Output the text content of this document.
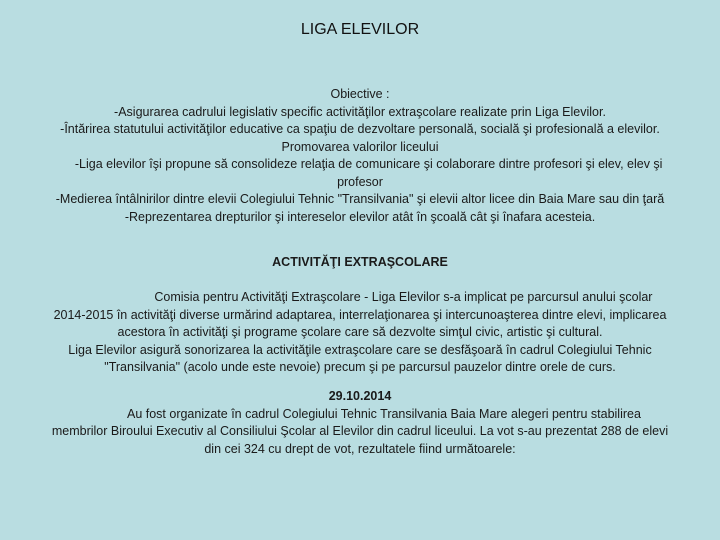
LIGA ELEVILOR
Obiective :
-Asigurarea cadrului legislativ specific activităţilor extraşcolare realizate prin Liga Elevilor.
-Întărirea statutului activităţilor educative ca spaţiu de dezvoltare personală, socială şi profesională a elevilor.
Promovarea valorilor liceului
-Liga elevilor îşi propune să consolideze relaţia de comunicare şi colaborare dintre profesori şi elev, elev şi
profesor
-Medierea întâlnirilor dintre elevii Colegiului Tehnic "Transilvania" şi elevii altor licee din Baia Mare sau din ţară
-Reprezentarea drepturilor şi intereselor elevilor atât în şcoală cât şi înafara acesteia.
ACTIVITĂŢI EXTRAŞCOLARE
Comisia pentru Activităţi Extraşcolare - Liga Elevilor s-a implicat pe parcursul anului şcolar
2014-2015 în activităţi diverse urmărind adaptarea, interrelaţionarea şi intercunoaşterea dintre elevi, implicarea
acestora în activităţi şi programe şcolare care să dezvolte simţul civic, artistic şi cultural.
Liga Elevilor asigură sonorizarea la activităţile extraşcolare care se desfăşoară în cadrul Colegiului Tehnic
"Transilvania" (acolo unde este nevoie) precum şi pe parcursul pauzelor dintre orele de curs.
29.10.2014
Au fost organizate în cadrul Colegiului Tehnic Transilvania Baia Mare alegeri pentru stabilirea
membrilor Biroului Executiv al Consiliului Şcolar al Elevilor din cadrul liceului. La vot s-au prezentat 288 de elevi
din cei 324 cu drept de vot, rezultatele fiind următoarele:
